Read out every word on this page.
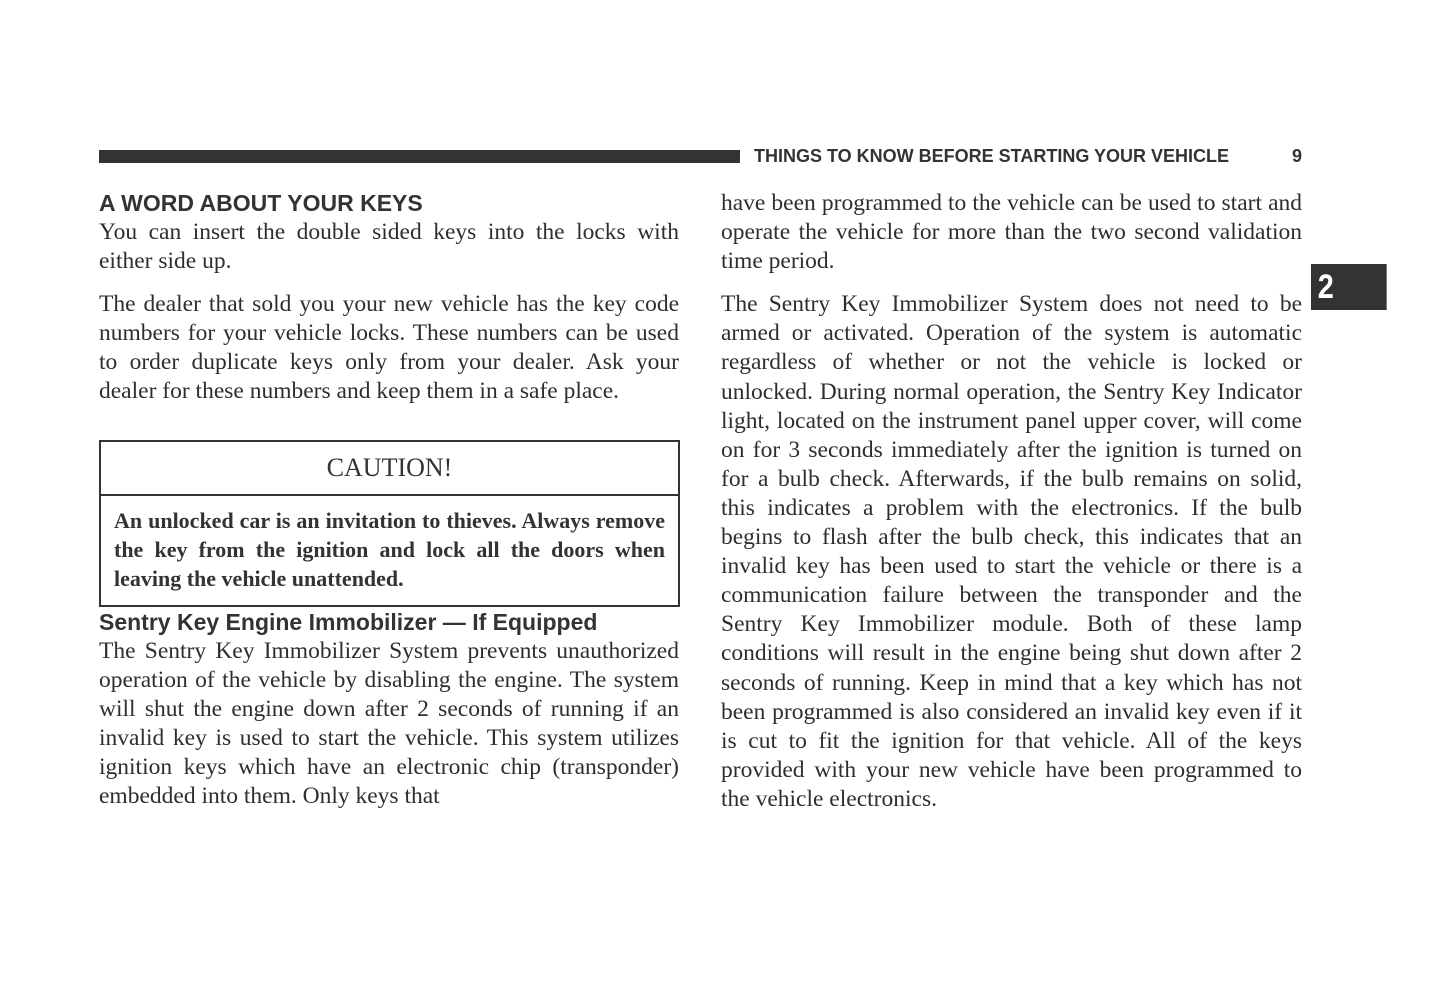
THINGS TO KNOW BEFORE STARTING YOUR VEHICLE	9
2
A WORD ABOUT YOUR KEYS

You can insert the double sided keys into the locks with either side up.

The dealer that sold you your new vehicle has the key code numbers for your vehicle locks. These numbers can be used to order duplicate keys only from your dealer. Ask your dealer for these numbers and keep them in a safe place.

CAUTION!
An unlocked car is an invitation to thieves. Always remove the key from the ignition and lock all the doors when leaving the vehicle unattended.
Sentry Key Engine Immobilizer — If Equipped

The Sentry Key Immobilizer System prevents unauthorized operation of the vehicle by disabling the engine. The system will shut the engine down after 2 seconds of running if an invalid key is used to start the vehicle. This system utilizes ignition keys which have an electronic chip (transponder) embedded into them. Only keys that

have been programmed to the vehicle can be used to start and operate the vehicle for more than the two second validation time period.

The Sentry Key Immobilizer System does not need to be armed or activated. Operation of the system is automatic regardless of whether or not the vehicle is locked or unlocked. During normal operation, the Sentry Key Indicator light, located on the instrument panel upper cover, will come on for 3 seconds immediately after the ignition is turned on for a bulb check. Afterwards, if the bulb remains on solid, this indicates a problem with the electronics. If the bulb begins to flash after the bulb check, this indicates that an invalid key has been used to start the vehicle or there is a communication failure between the transponder and the Sentry Key Immobilizer module. Both of these lamp conditions will result in the engine being shut down after 2 seconds of running. Keep in mind that a key which has not been programmed is also considered an invalid key even if it is cut to fit the ignition for that vehicle. All of the keys provided with your new vehicle have been programmed to the vehicle electronics.
